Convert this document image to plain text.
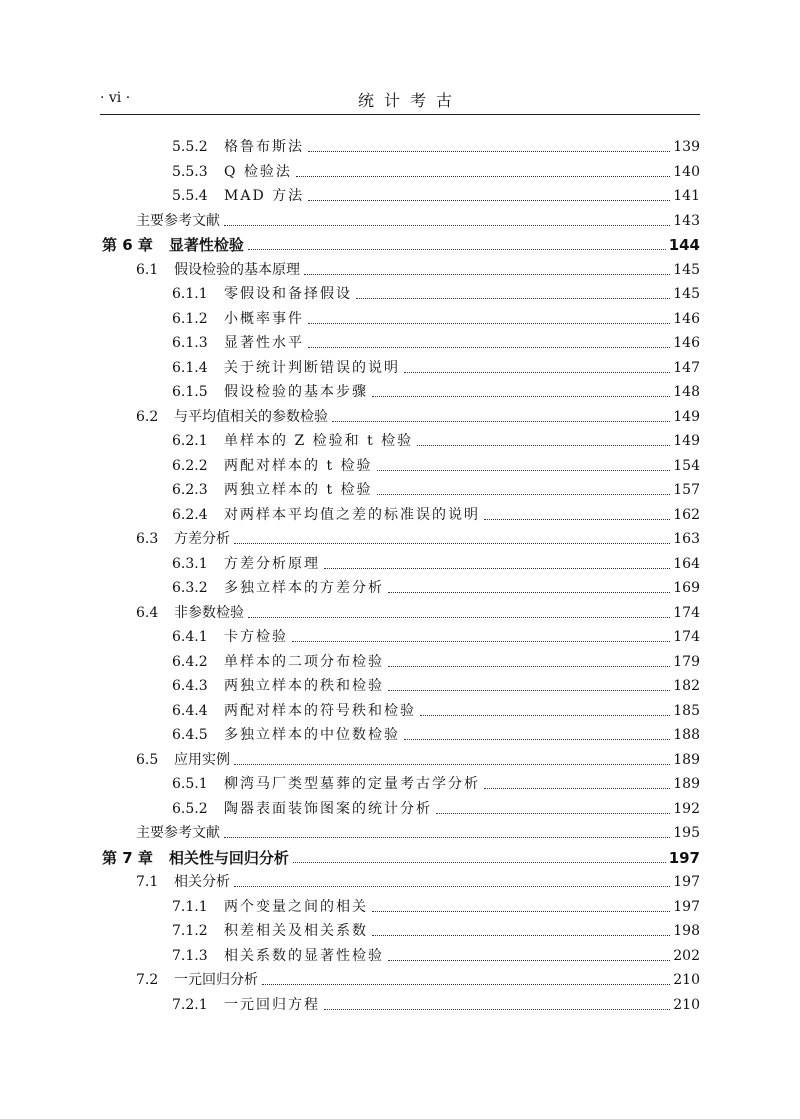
· vi ·	统计考古
5.5.2	格鲁布斯法	139
5.5.3	Q 检验法	140
5.5.4	MAD 方法	141
主要参考文献	143
第 6 章 显著性检验	144
6.1	假设检验的基本原理	145
6.1.1	零假设和备择假设	145
6.1.2	小概率事件	146
6.1.3	显著性水平	146
6.1.4	关于统计判断错误的说明	147
6.1.5	假设检验的基本步骤	148
6.2	与平均值相关的参数检验	149
6.2.1	单样本的 Z 检验和 t 检验	149
6.2.2	两配对样本的 t 检验	154
6.2.3	两独立样本的 t 检验	157
6.2.4	对两样本平均值之差的标准误的说明	162
6.3	方差分析	163
6.3.1	方差分析原理	164
6.3.2	多独立样本的方差分析	169
6.4	非参数检验	174
6.4.1	卡方检验	174
6.4.2	单样本的二项分布检验	179
6.4.3	两独立样本的秩和检验	182
6.4.4	两配对样本的符号秩和检验	185
6.4.5	多独立样本的中位数检验	188
6.5	应用实例	189
6.5.1	柳湾马厂类型墓葬的定量考古学分析	189
6.5.2	陶器表面装饰图案的统计分析	192
主要参考文献	195
第 7 章 相关性与回归分析	197
7.1	相关分析	197
7.1.1	两个变量之间的相关	197
7.1.2	积差相关及相关系数	198
7.1.3	相关系数的显著性检验	202
7.2	一元回归分析	210
7.2.1	一元回归方程	210
